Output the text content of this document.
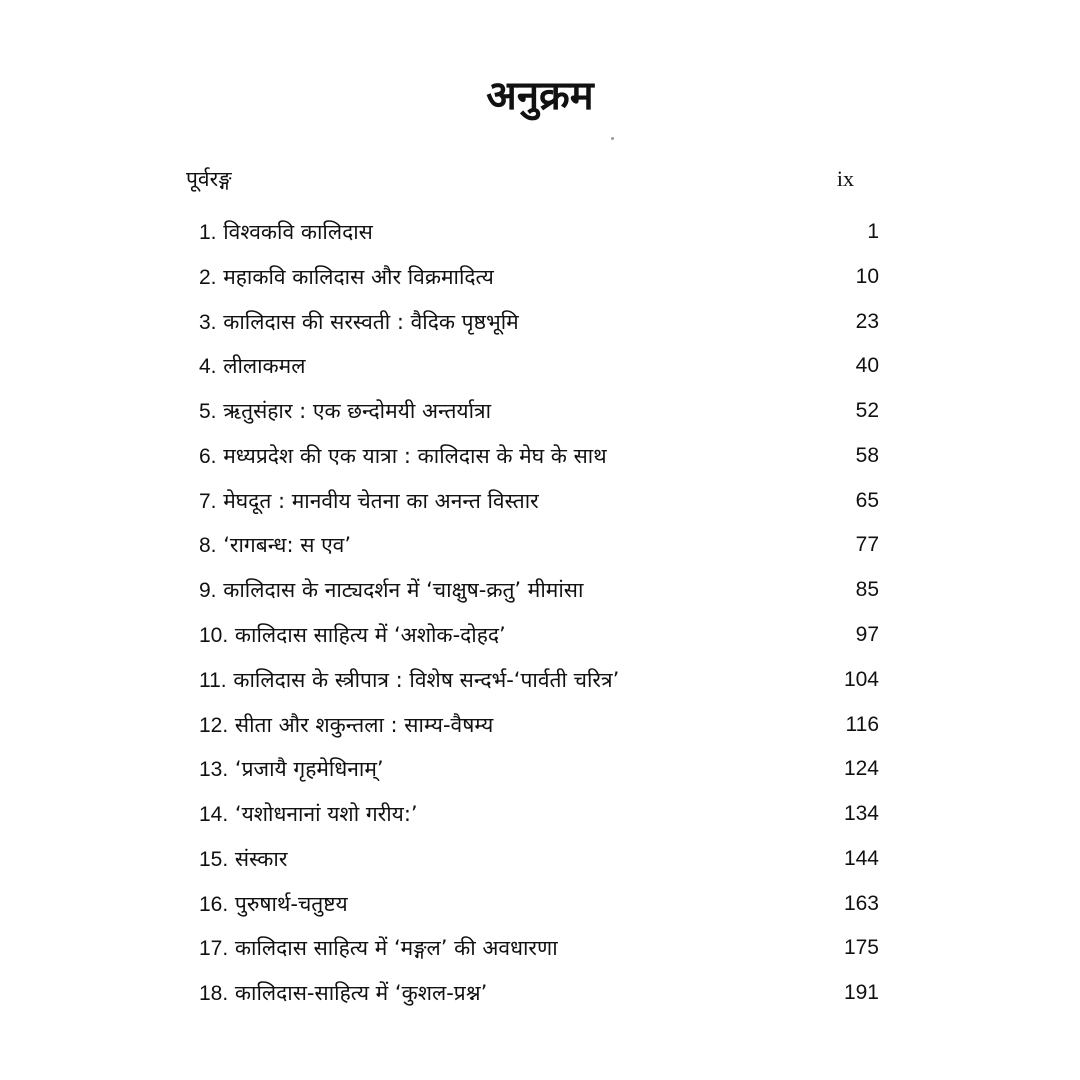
अनुक्रम
पूर्वरङ्ग	ix
1. विश्वकवि कालिदास	1
2. महाकवि कालिदास और विक्रमादित्य	10
3. कालिदास की सरस्वती : वैदिक पृष्ठभूमि	23
4. लीलाकमल	40
5. ऋतुसंहार : एक छन्दोमयी अन्तर्यात्रा	52
6. मध्यप्रदेश की एक यात्रा : कालिदास के मेघ के साथ	58
7. मेघदूत : मानवीय चेतना का अनन्त विस्तार	65
8. ‘रागबन्ध: स एव’	77
9. कालिदास के नाट्यदर्शन में ‘चाक्षुष-क्रतु’ मीमांसा	85
10. कालिदास साहित्य में ‘अशोक-दोहद’	97
11. कालिदास के स्त्रीपात्र : विशेष सन्दर्भ-‘पार्वती चरित्र’	104
12. सीता और शकुन्तला : साम्य-वैषम्य	116
13. ‘प्रजायै गृहमेधिनाम्’	124
14. ‘यशोधनानां यशो गरीय:’	134
15. संस्कार	144
16. पुरुषार्थ-चतुष्टय	163
17. कालिदास साहित्य में ‘मङ्गल’ की अवधारणा	175
18. कालिदास-साहित्य में ‘कुशल-प्रश्न’	191
